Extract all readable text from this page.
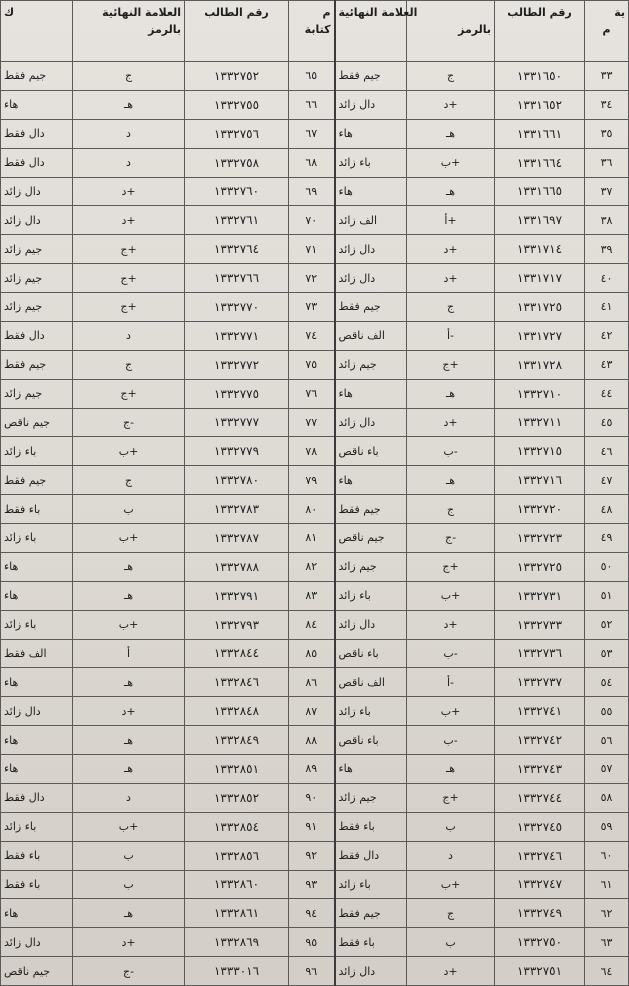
ك	العلامة النهائية
بالرمز	رقم الطالب	م
كتابة	العلامة النهائية	بالرمز	رقم الطالب	ية
م

جيم فقط	ج	١٣٣٢٧٥٢	٦٥	جيم فقط	ج	١٣٣١٦٥٠	٣٣
هاء	هـ	١٣٣٢٧٥٥	٦٦	دال زائد	د+	١٣٣١٦٥٢	٣٤
دال فقط	د	١٣٣٢٧٥٦	٦٧	هاء	هـ	١٣٣١٦٦١	٣٥
دال فقط	د	١٣٣٢٧٥٨	٦٨	باء زائد	ب+	١٣٣١٦٦٤	٣٦
دال زائد	د+	١٣٣٢٧٦٠	٦٩	هاء	هـ	١٣٣١٦٦٥	٣٧
دال زائد	د+	١٣٣٢٧٦١	٧٠	الف زائد	أ+	١٣٣١٦٩٧	٣٨
جيم زائد	ج+	١٣٣٢٧٦٤	٧١	دال زائد	د+	١٣٣١٧١٤	٣٩
جيم زائد	ج+	١٣٣٢٧٦٦	٧٢	دال زائد	د+	١٣٣١٧١٧	٤٠
جيم زائد	ج+	١٣٣٢٧٧٠	٧٣	جيم فقط	ج	١٣٣١٧٢٥	٤١
دال فقط	د	١٣٣٢٧٧١	٧٤	الف ناقص	أ-	١٣٣١٧٢٧	٤٢
جيم فقط	ج	١٣٣٢٧٧٢	٧٥	جيم زائد	ج+	١٣٣١٧٢٨	٤٣
جيم زائد	ج+	١٣٣٢٧٧٥	٧٦	هاء	هـ	١٣٣٢٧١٠	٤٤
جيم ناقص	ج-	١٣٣٢٧٧٧	٧٧	دال زائد	د+	١٣٣٢٧١١	٤٥
باء زائد	ب+	١٣٣٢٧٧٩	٧٨	باء ناقص	ب-	١٣٣٢٧١٥	٤٦
جيم فقط	ج	١٣٣٢٧٨٠	٧٩	هاء	هـ	١٣٣٢٧١٦	٤٧
باء فقط	ب	١٣٣٢٧٨٣	٨٠	جيم فقط	ج	١٣٣٢٧٢٠	٤٨
باء زائد	ب+	١٣٣٢٧٨٧	٨١	جيم ناقص	ج-	١٣٣٢٧٢٣	٤٩
هاء	هـ	١٣٣٢٧٨٨	٨٢	جيم زائد	ج+	١٣٣٢٧٢٥	٥٠
هاء	هـ	١٣٣٢٧٩١	٨٣	باء زائد	ب+	١٣٣٢٧٣١	٥١
باء زائد	ب+	١٣٣٢٧٩٣	٨٤	دال زائد	د+	١٣٣٢٧٣٣	٥٢
الف فقط	أ	١٣٣٢٨٤٤	٨٥	باء ناقص	ب-	١٣٣٢٧٣٦	٥٣
هاء	هـ	١٣٣٢٨٤٦	٨٦	الف ناقص	أ-	١٣٣٢٧٣٧	٥٤
دال زائد	د+	١٣٣٢٨٤٨	٨٧	باء زائد	ب+	١٣٣٢٧٤١	٥٥
هاء	هـ	١٣٣٢٨٤٩	٨٨	باء ناقص	ب-	١٣٣٢٧٤٢	٥٦
هاء	هـ	١٣٣٢٨٥١	٨٩	هاء	هـ	١٣٣٢٧٤٣	٥٧
دال فقط	د	١٣٣٢٨٥٢	٩٠	جيم زائد	ج+	١٣٣٢٧٤٤	٥٨
باء زائد	ب+	١٣٣٢٨٥٤	٩١	باء فقط	ب	١٣٣٢٧٤٥	٥٩
باء فقط	ب	١٣٣٢٨٥٦	٩٢	دال فقط	د	١٣٣٢٧٤٦	٦٠
باء فقط	ب	١٣٣٢٨٦٠	٩٣	باء زائد	ب+	١٣٣٢٧٤٧	٦١
هاء	هـ	١٣٣٢٨٦١	٩٤	جيم فقط	ج	١٣٣٢٧٤٩	٦٢
دال زائد	د+	١٣٣٢٨٦٩	٩٥	باء فقط	ب	١٣٣٢٧٥٠	٦٣
جيم ناقص	ج-	١٣٣٣٠١٦	٩٦	دال زائد	د+	١٣٣٢٧٥١	٦٤
